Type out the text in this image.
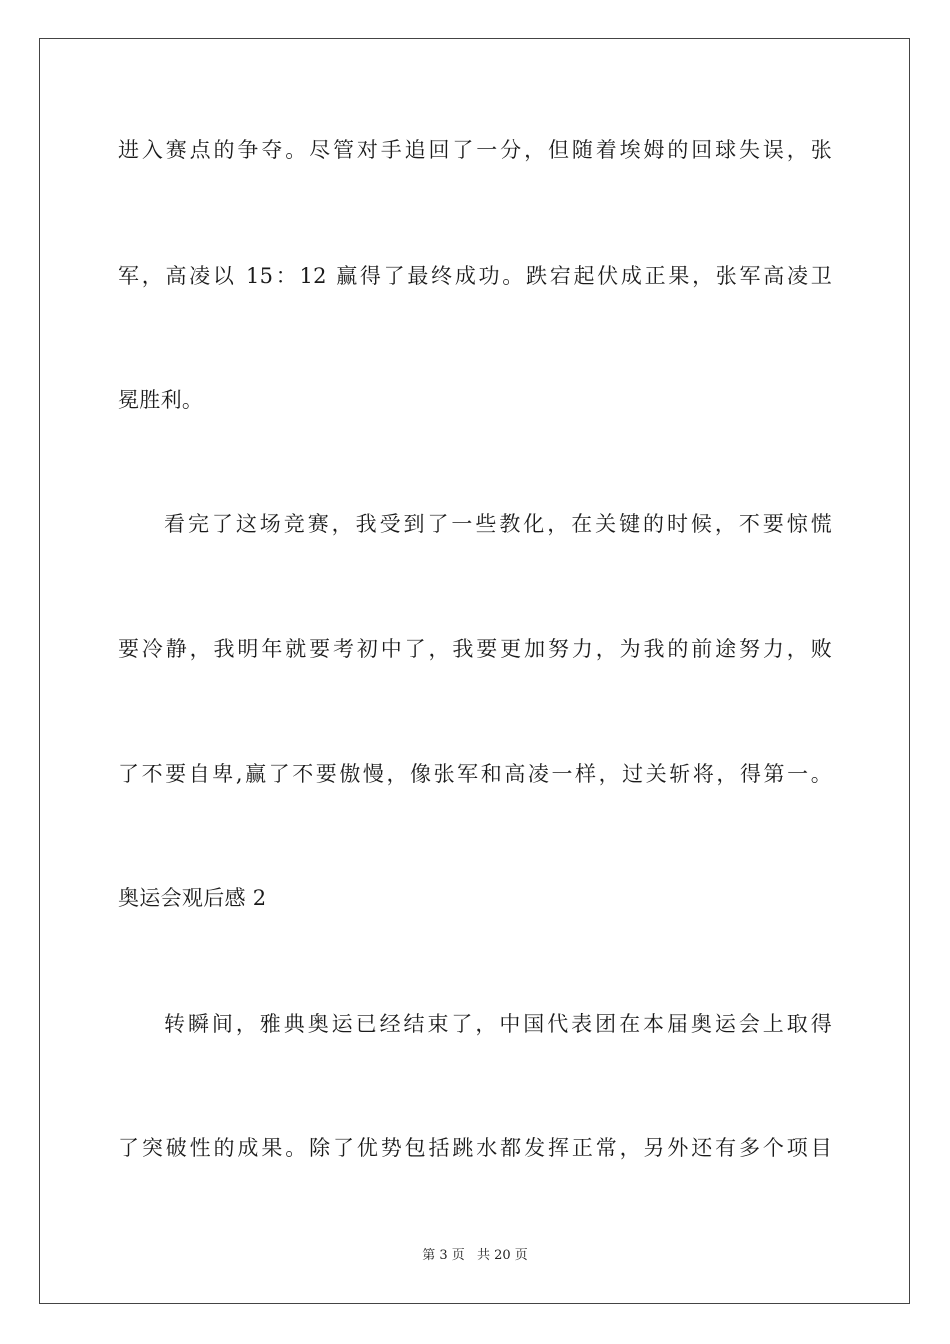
进入赛点的争夺。尽管对手追回了一分，但随着埃姆的回球失误，张
军，高凌以 15：12 赢得了最终成功。跌宕起伏成正果，张军高凌卫
冕胜利。
看完了这场竞赛，我受到了一些教化，在关键的时候，不要惊慌
要冷静，我明年就要考初中了，我要更加努力，为我的前途努力，败
了不要自卑,赢了不要傲慢，像张军和高凌一样，过关斩将，得第一。
奥运会观后感 2
转瞬间，雅典奥运已经结束了，中国代表团在本届奥运会上取得
了突破性的成果。除了优势包括跳水都发挥正常，另外还有多个项目
第 3 页 共 20 页
